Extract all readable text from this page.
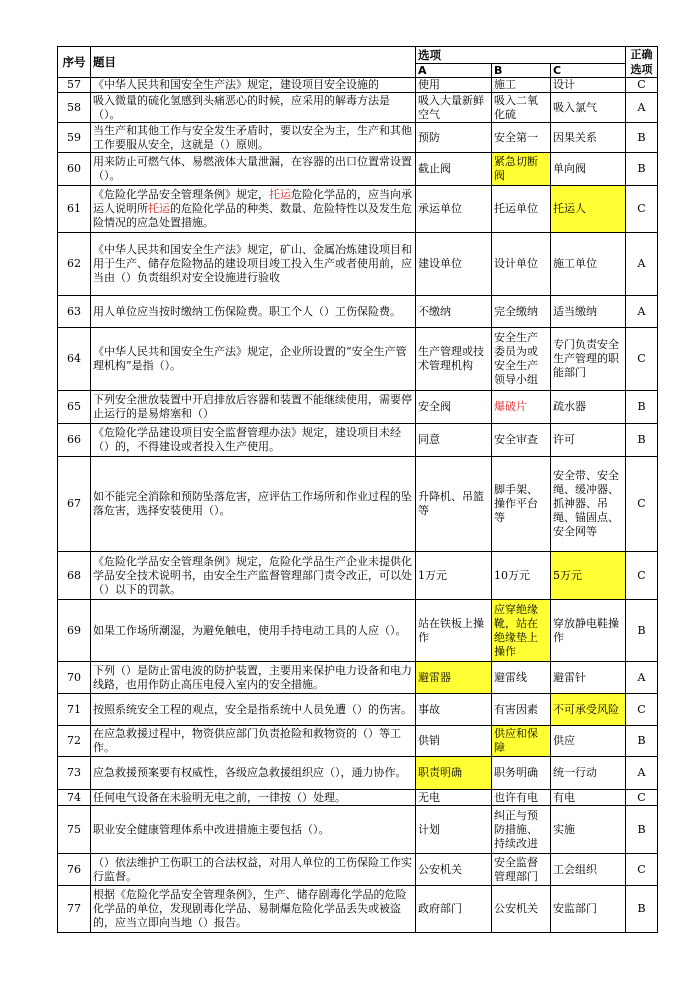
序号	题目	选项			正确选项
		A	B	C	
57	《中华人民共和国安全生产法》规定，建设项目安全设施的	使用	施工	设计	C
58	吸入微量的硫化氢感到头痛恶心的时候，应采用的解毒方法是（）。	吸入大量新鲜空气	吸入二氧化硫	吸入氯气	A
59	当生产和其他工作与安全发生矛盾时，要以安全为主，生产和其他工作要服从安全，这就是（）原则。	预防	安全第一	因果关系	B
60	用来防止可燃气体、易燃液体大量泄漏，在容器的出口位置常设置（）。	截止阀	紧急切断阀	单向阀	B
61	《危险化学品安全管理条例》规定，托运危险化学品的，应当向承运人说明所托运的危险化学品的种类、数量、危险特性以及发生危险情况的应急处置措施。	承运单位	托运单位	托运人	C
62	《中华人民共和国安全生产法》规定，矿山、金属冶炼建设项目和用于生产、储存危险物品的建设项目竣工投入生产或者使用前，应当由（）负责组织对安全设施进行验收	建设单位	设计单位	施工单位	A
63	用人单位应当按时缴纳工伤保险费。职工个人（）工伤保险费。	不缴纳	完全缴纳	适当缴纳	A
64	《中华人民共和国安全生产法》规定，企业所设置的“安全生产管理机构”是指（）。	生产管理或技术管理机构	安全生产委员为或安全生产领导小组	专门负责安全生产管理的职能部门	C
65	下列安全泄放装置中开启排放后容器和装置不能继续使用，需要停止运行的是易熔塞和（）	安全阀	爆破片	疏水器	B
66	《危险化学品建设项目安全监督管理办法》规定，建设项目未经（）的，不得建设或者投入生产使用。	同意	安全审查	许可	B
67	如不能完全消除和预防坠落危害，应评估工作场所和作业过程的坠落危害，选择安装使用（）。	升降机、吊篮等	脚手架、操作平台等	安全带、安全绳、缓冲器、抓神器、吊绳、锚固点、安全网等	C
68	《危险化学品安全管理条例》规定，危险化学品生产企业未提供化学品安全技术说明书，由安全生产监督管理部门责令改正，可以处（）以下的罚款。	1万元	10万元	5万元	C
69	如果工作场所潮湿，为避免触电，使用手持电动工具的人应（）。	站在铁板上操作	应穿绝缘靴，站在绝缘垫上操作	穿放静电鞋操作	B
70	下列（）是防止雷电波的防护装置，主要用来保护电力设备和电力线路，也用作防止高压电侵入室内的安全措施。	避雷器	避雷线	避雷针	A
71	按照系统安全工程的观点，安全是指系统中人员免遭（）的伤害。	事故	有害因素	不可承受风险	C
72	在应急救援过程中，物资供应部门负责抢险和救物资的（）等工作。	供销	供应和保障	供应	B
73	应急救援预案要有权威性，各级应急救援组织应（），通力协作。	职责明确	职务明确	统一行动	A
74	任何电气设备在未验明无电之前，一律按（）处理。	无电	也许有电	有电	C
75	职业安全健康管理体系中改进措施主要包括（）。	计划	纠正与预防措施、持续改进	实施	B
76	（）依法维护工伤职工的合法权益，对用人单位的工伤保险工作实行监督。	公安机关	安全监督管理部门	工会组织	C
77	根据《危险化学品安全管理条例》，生产、储存剧毒化学品的危险化学品的单位，发现剧毒化学品、易制爆危险化学品丢失或被盗的，应当立即向当地（）报告。	政府部门	公安机关	安监部门	B
